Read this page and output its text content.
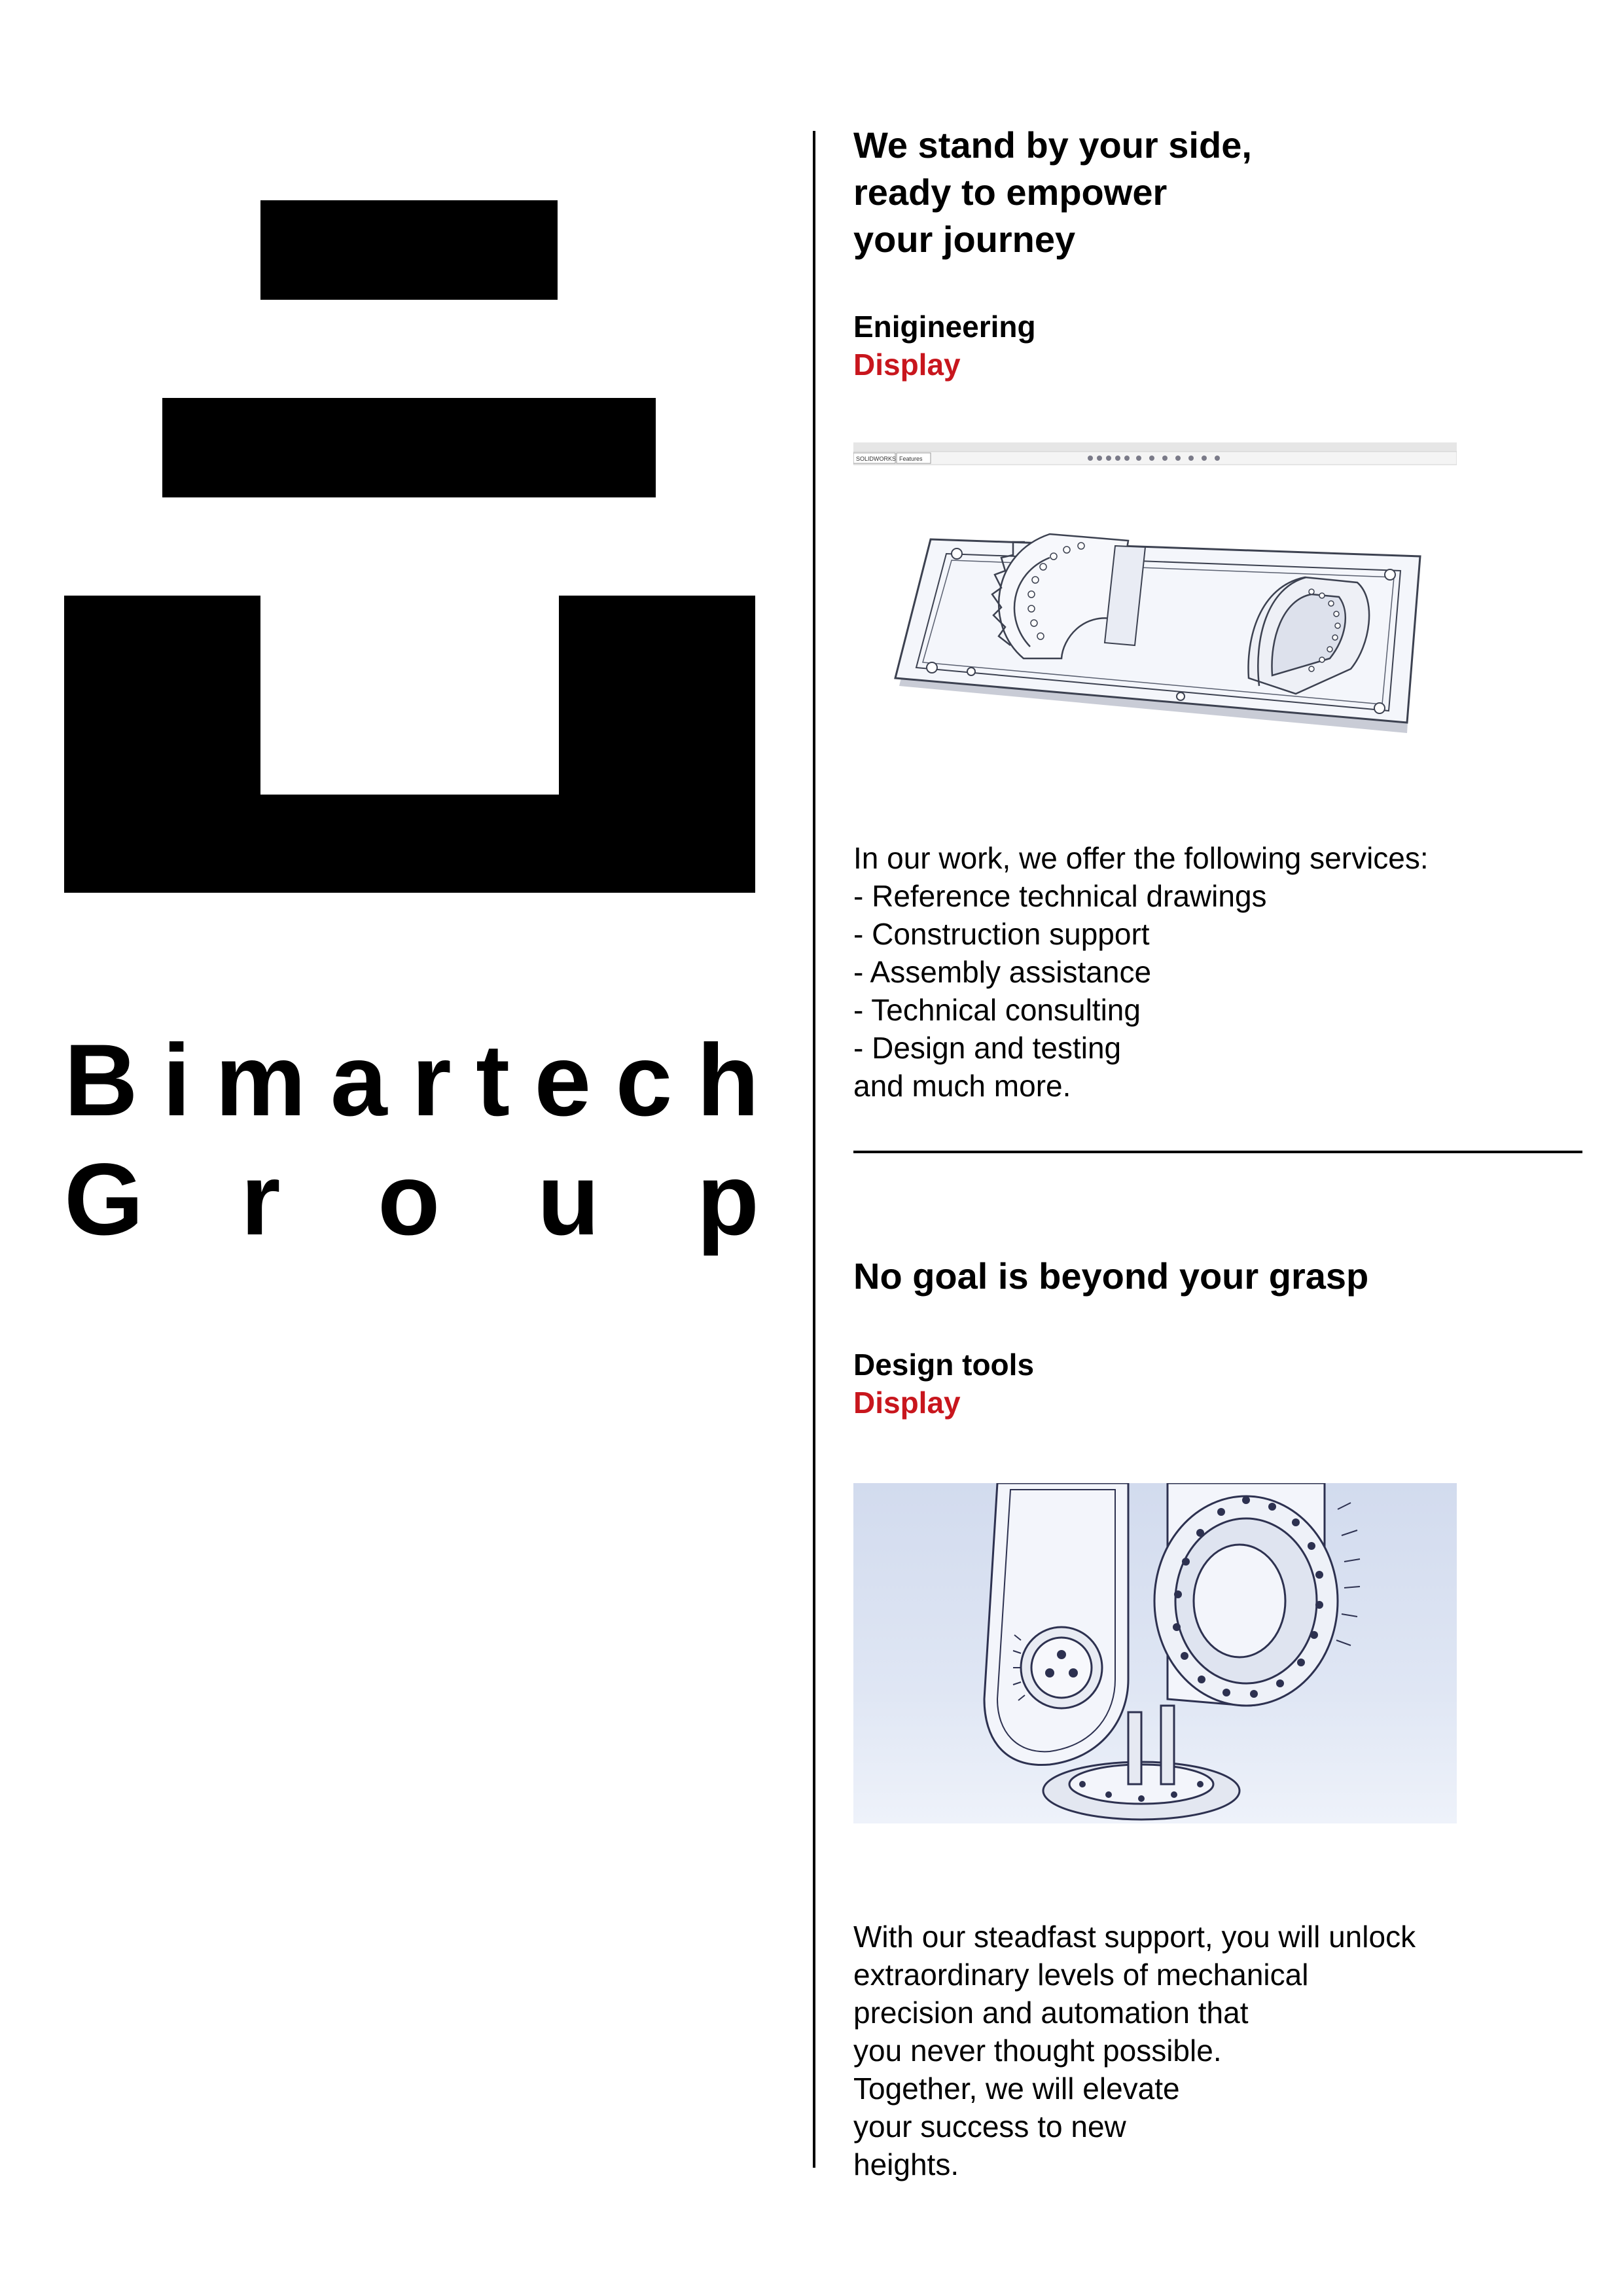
B i m a r t e c h
G r o u p
We stand by your side,
ready to empower
your journey
Enigineering
Display
SOLIDWORKS Features

In our work, we offer the following services:
- Reference technical drawings
- Construction support
- Assembly assistance
- Technical consulting
- Design and testing
and much more.

No goal is beyond your grasp
Design tools
Display

With our steadfast support, you will unlock
extraordinary levels of mechanical
precision and automation that
you never thought possible.
Together, we will elevate
your success to new
heights.
